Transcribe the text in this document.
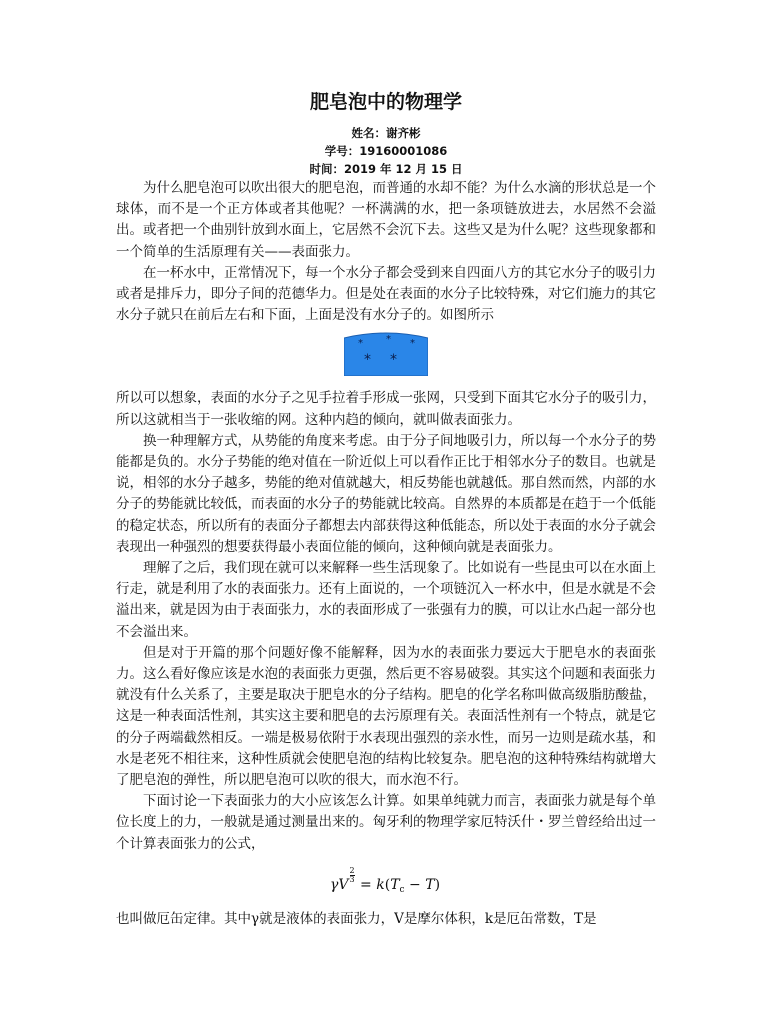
肥皂泡中的物理学

姓名：谢齐彬

学号：19160001086

时间：2019 年 12 月 15 日

为什么肥皂泡可以吹出很大的肥皂泡，而普通的水却不能？为什么水滴的形状总是一个球体，而不是一个正方体或者其他呢？一杯满满的水，把一条项链放进去，水居然不会溢出。或者把一个曲别针放到水面上，它居然不会沉下去。这些又是为什么呢？这些现象都和一个简单的生活原理有关——表面张力。

在一杯水中，正常情况下，每一个水分子都会受到来自四面八方的其它水分子的吸引力或者是排斥力，即分子间的范德华力。但是处在表面的水分子比较特殊，对它们施力的其它水分子就只在前后左右和下面，上面是没有水分子的。如图所示

* * *
* *

所以可以想象，表面的水分子之见手拉着手形成一张网，只受到下面其它水分子的吸引力，所以这就相当于一张收缩的网。这种内趋的倾向，就叫做表面张力。

换一种理解方式，从势能的角度来考虑。由于分子间地吸引力，所以每一个水分子的势能都是负的。水分子势能的绝对值在一阶近似上可以看作正比于相邻水分子的数目。也就是说，相邻的水分子越多，势能的绝对值就越大，相反势能也就越低。那自然而然，内部的水分子的势能就比较低，而表面的水分子的势能就比较高。自然界的本质都是在趋于一个低能的稳定状态，所以所有的表面分子都想去内部获得这种低能态，所以处于表面的水分子就会表现出一种强烈的想要获得最小表面位能的倾向，这种倾向就是表面张力。

理解了之后，我们现在就可以来解释一些生活现象了。比如说有一些昆虫可以在水面上行走，就是利用了水的表面张力。还有上面说的，一个项链沉入一杯水中，但是水就是不会溢出来，就是因为由于表面张力，水的表面形成了一张强有力的膜，可以让水凸起一部分也不会溢出来。

但是对于开篇的那个问题好像不能解释，因为水的表面张力要远大于肥皂水的表面张力。这么看好像应该是水泡的表面张力更强，然后更不容易破裂。其实这个问题和表面张力就没有什么关系了，主要是取决于肥皂水的分子结构。肥皂的化学名称叫做高级脂肪酸盐，这是一种表面活性剂，其实这主要和肥皂的去污原理有关。表面活性剂有一个特点，就是它的分子两端截然相反。一端是极易依附于水表现出强烈的亲水性，而另一边则是疏水基，和水是老死不相往来，这种性质就会使肥皂泡的结构比较复杂。肥皂泡的这种特殊结构就增大了肥皂泡的弹性，所以肥皂泡可以吹的很大，而水泡不行。

下面讨论一下表面张力的大小应该怎么计算。如果单纯就力而言，表面张力就是每个单位长度上的力，一般就是通过测量出来的。匈牙利的物理学家厄特沃什・罗兰曾经给出过一个计算表面张力的公式，

γV
$\frac{2}{3}$
= $k(T_c - T)$

也叫做厄缶定律。其中γ就是液体的表面张力，V是摩尔体积，k是厄缶常数，T是
